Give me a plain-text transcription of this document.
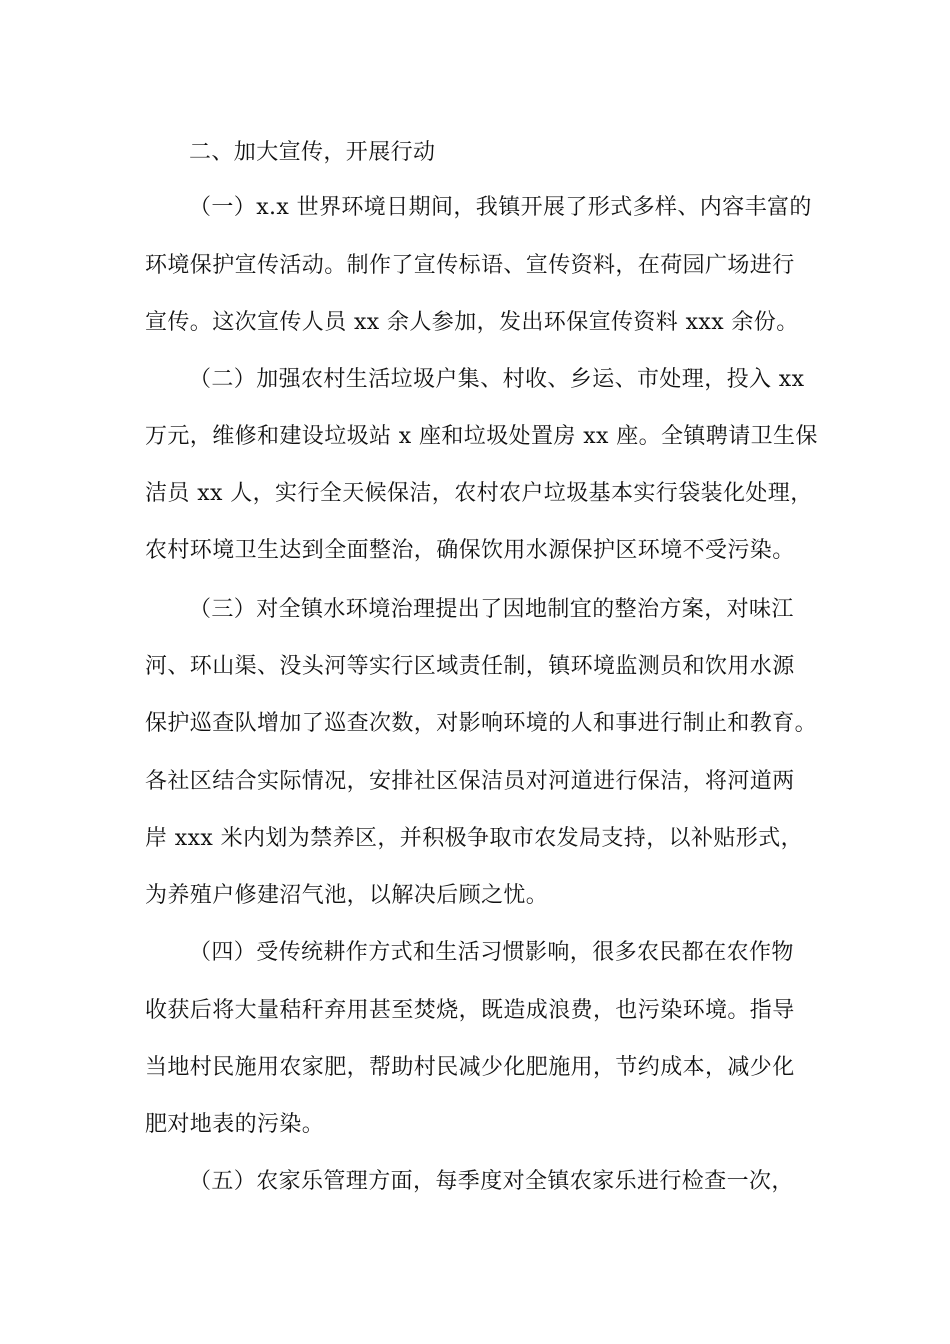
二、加大宣传，开展行动

（一）x.x 世界环境日期间，我镇开展了形式多样、内容丰富的

环境保护宣传活动。制作了宣传标语、宣传资料，在荷园广场进行

宣传。这次宣传人员 xx 余人参加，发出环保宣传资料 xxx 余份。

（二）加强农村生活垃圾户集、村收、乡运、市处理，投入 xx

万元，维修和建设垃圾站 x 座和垃圾处置房 xx 座。全镇聘请卫生保

洁员 xx 人，实行全天候保洁，农村农户垃圾基本实行袋装化处理，

农村环境卫生达到全面整治，确保饮用水源保护区环境不受污染。

（三）对全镇水环境治理提出了因地制宜的整治方案，对味江

河、环山渠、没头河等实行区域责任制，镇环境监测员和饮用水源

保护巡查队增加了巡查次数，对影响环境的人和事进行制止和教育。

各社区结合实际情况，安排社区保洁员对河道进行保洁，将河道两

岸 xxx 米内划为禁养区，并积极争取市农发局支持，以补贴形式，

为养殖户修建沼气池，以解决后顾之忧。

（四）受传统耕作方式和生活习惯影响，很多农民都在农作物

收获后将大量秸秆弃用甚至焚烧，既造成浪费，也污染环境。指导

当地村民施用农家肥，帮助村民减少化肥施用，节约成本，减少化

肥对地表的污染。

（五）农家乐管理方面，每季度对全镇农家乐进行检查一次，
